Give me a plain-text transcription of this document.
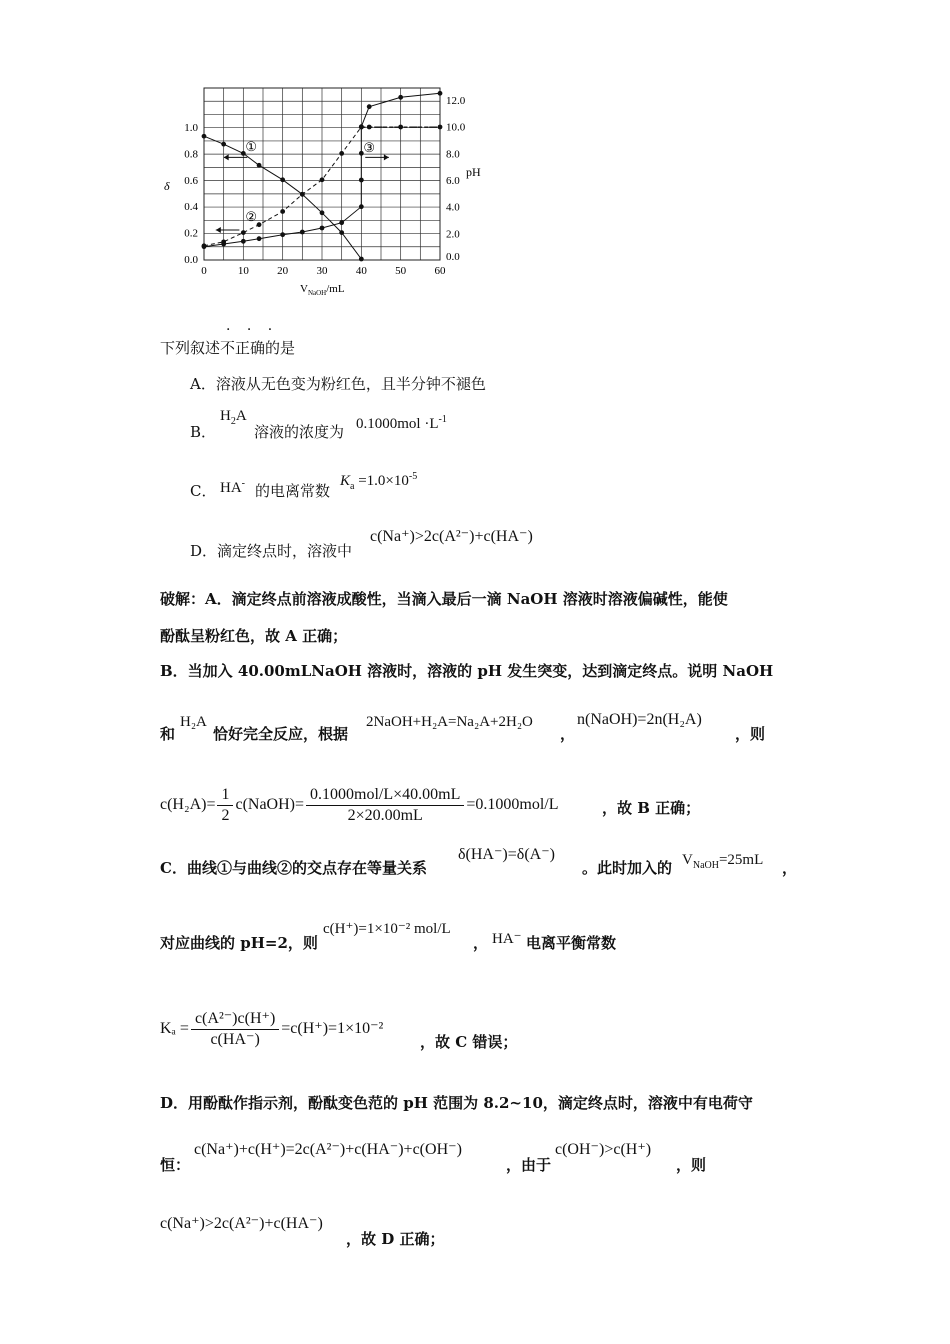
0	10	20	30	40	50	60
0.0
0.2
0.4
0.6
0.8
1.0
0.0
2.0
4.0
6.0
8.0
10.0
12.0
δ
pH
$V_{NaOH}/mL$
①
②
③
· · ·
下列叙述不正确的是
A．溶液从无色变为粉红色，且半分钟不褪色
B．
$H_2A$
溶液的浓度为 $0.1000mol \cdot L^{-1}$
C． HA- 的电离常数
$K_a =1.0\times 10^{-5}$
D．滴定终点时，溶液中
c(Na⁺)>2c(A²⁻)+c(HA⁻)
破解：A．滴定终点前溶液成酸性，当滴入最后一滴 NaOH 溶液时溶液偏碱性，能使
酚酞呈粉红色，故 A 正确；
B．当加入 40.00mLNaOH 溶液时，溶液的 pH 发生突变，达到滴定终点。说明 NaOH
和
H₂A
恰好完全反应，根据
2NaOH+H₂A=Na₂A+2H₂O
，
n(NaOH)=2n(H₂A)
，则
$c(H_2A)= \frac{1}{2}$ c(NaOH)= $\frac{\text{0.1000mol/L×40.00mL}}{2\times 20.00mL} =0.1000mol/L$	，故 B 正确；
C．曲线①与曲线②的交点存在等量关系
δ(HA⁻)=δ(A⁻)
。此时加入的 $V_{NaOH}=25mL$ ，
对应曲线的 pH=2，则
c(H⁺)=1×10⁻² mol/L
， HA⁻ 电离平衡常数
$K_a = \frac{\text{c(A²⁻)c(H⁺)}}{c(HA^-)} =c(H^+)=1\times 10^{-2}$
，故 C 错误；
D．用酚酞作指示剂，酚酞变色范的 pH 范围为 8.2~10，滴定终点时，溶液中有电荷守
恒：
c(Na⁺)+c(H⁺)=2c(A²⁻)+c(HA⁻)+c(OH⁻)
，由于
c(OH⁻)>c(H⁺)
，则
c(Na⁺)>2c(A²⁻)+c(HA⁻)
，故 D 正确；
